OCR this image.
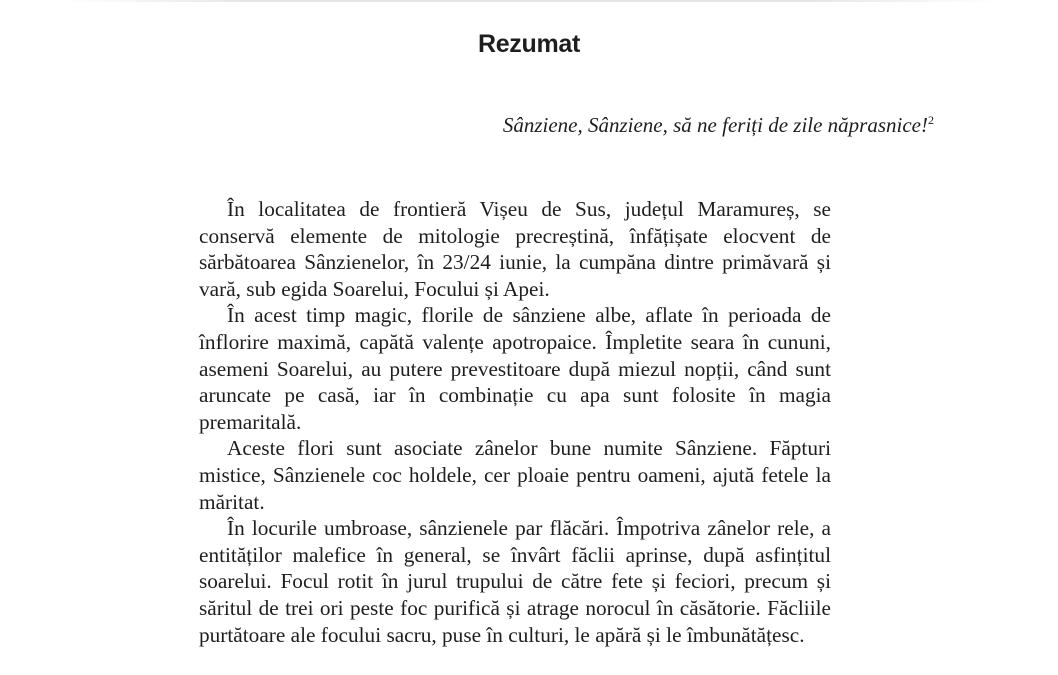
Rezumat
Sânziene, Sânziene, să ne feriți de zile năprasnice!$^2$

În localitatea de frontieră Vișeu de Sus, județul Maramureș, se conservă elemente de mitologie precreștină, înfățișate elocvent de sărbătoarea Sânzienelor, în 23/24 iunie, la cumpăna dintre primăvară și vară, sub egida Soarelui, Focului și Apei.

În acest timp magic, florile de sânziene albe, aflate în perioada de înflorire maximă, capătă valențe apotropaice. Împletite seara în cununi, asemeni Soarelui, au putere prevestitoare după miezul nopții, când sunt aruncate pe casă, iar în combinație cu apa sunt folosite în magia premaritală.

Aceste flori sunt asociate zânelor bune numite Sânziene. Făpturi mistice, Sânzienele coc holdele, cer ploaie pentru oameni, ajută fetele la măritat.

În locurile umbroase, sânzienele par flăcări. Împotriva zânelor rele, a entităților malefice în general, se învârt făclii aprinse, după asfințitul soarelui. Focul rotit în jurul trupului de către fete și feciori, precum și săritul de trei ori peste foc purifică și atrage norocul în căsătorie. Făcliile purtătoare ale focului sacru, puse în culturi, le apără și le îmbunătățesc.
